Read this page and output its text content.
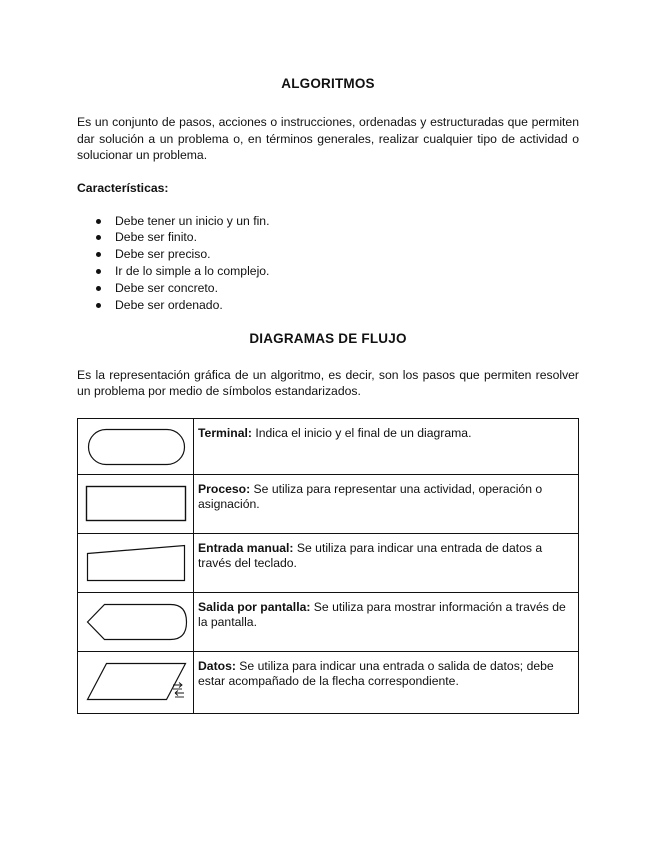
ALGORITMOS

Es un conjunto de pasos, acciones o instrucciones, ordenadas y estructuradas que permiten dar solución a un problema o, en términos generales, realizar cualquier tipo de actividad o solucionar un problema.

Características:

Debe tener un inicio y un fin.
Debe ser finito.
Debe ser preciso.
Ir de lo simple a lo complejo.
Debe ser concreto.
Debe ser ordenado.
DIAGRAMAS DE FLUJO

Es la representación gráfica de un algoritmo, es decir, son los pasos que permiten resolver un problema por medio de símbolos estandarizados.

	Terminal: Indica el inicio y el final de un diagrama.

	Proceso: Se utiliza para representar una actividad, operación o asignación.

	Entrada manual: Se utiliza para indicar una entrada de datos a través del teclado.

	Salida por pantalla: Se utiliza para mostrar información a través de la pantalla.

	Datos: Se utiliza para indicar una entrada o salida de datos; debe estar acompañado de la flecha correspondiente.
